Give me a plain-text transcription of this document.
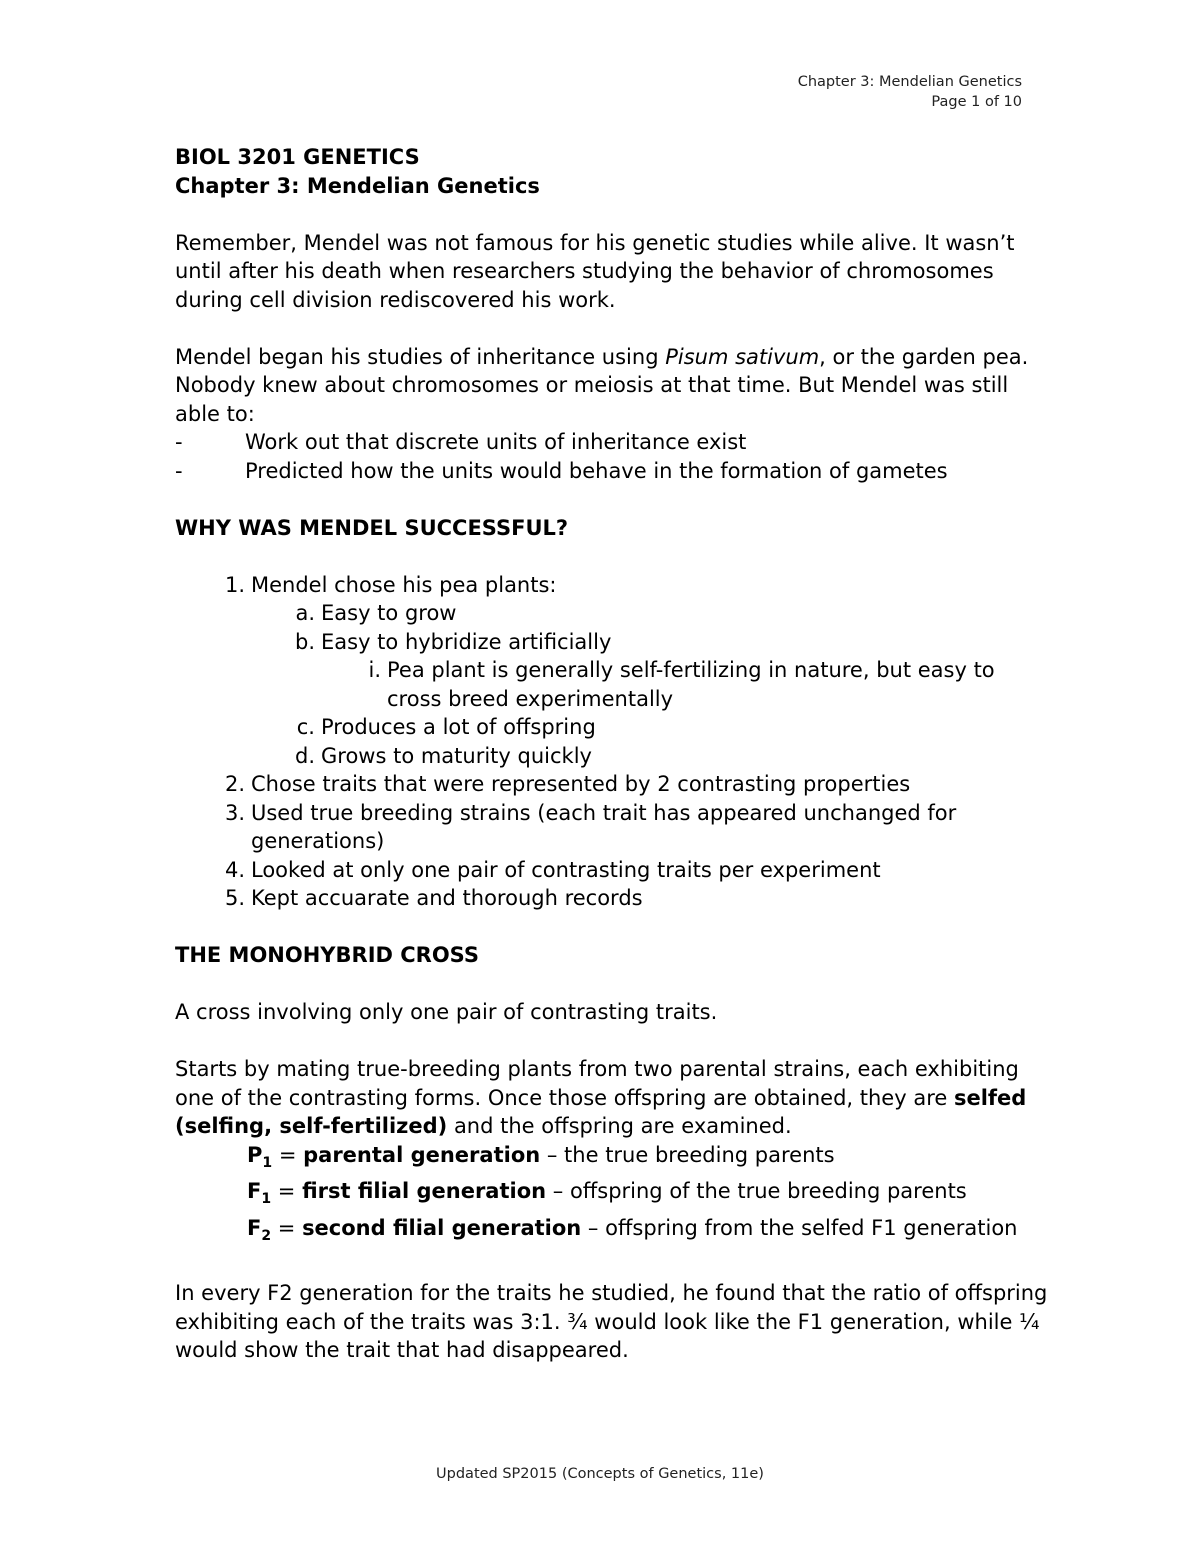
Chapter 3: Mendelian Genetics
Page 1 of 10

BIOL 3201 GENETICS

Chapter 3: Mendelian Genetics

Remember, Mendel was not famous for his genetic studies while alive. It wasn’t until after his death when researchers studying the behavior of chromosomes during cell division rediscovered his work.

Mendel began his studies of inheritance using Pisum sativum, or the garden pea. Nobody knew about chromosomes or meiosis at that time. But Mendel was still able to:

-	Work out that discrete units of inheritance exist
-	Predicted how the units would behave in the formation of gametes

WHY WAS MENDEL SUCCESSFUL?

1. Mendel chose his pea plants:
a. Easy to grow
b. Easy to hybridize artificially
i. Pea plant is generally self-fertilizing in nature, but easy to cross breed experimentally
c. Produces a lot of offspring
d. Grows to maturity quickly
2. Chose traits that were represented by 2 contrasting properties
3. Used true breeding strains (each trait has appeared unchanged for generations)
4. Looked at only one pair of contrasting traits per experiment
5. Kept accuarate and thorough records

THE MONOHYBRID CROSS

A cross involving only one pair of contrasting traits.

Starts by mating true-breeding plants from two parental strains, each exhibiting one of the contrasting forms. Once those offspring are obtained, they are selfed (selfing, self-fertilized) and the offspring are examined.

$P_1$ = parental generation – the true breeding parents

$F_1$ = first filial generation – offspring of the true breeding parents

$F_2$ = second filial generation – offspring from the selfed F1 generation

In every F2 generation for the traits he studied, he found that the ratio of offspring exhibiting each of the traits was 3:1. ¾ would look like the F1 generation, while ¼ would show the trait that had disappeared.

Updated SP2015 (Concepts of Genetics, 11e)
